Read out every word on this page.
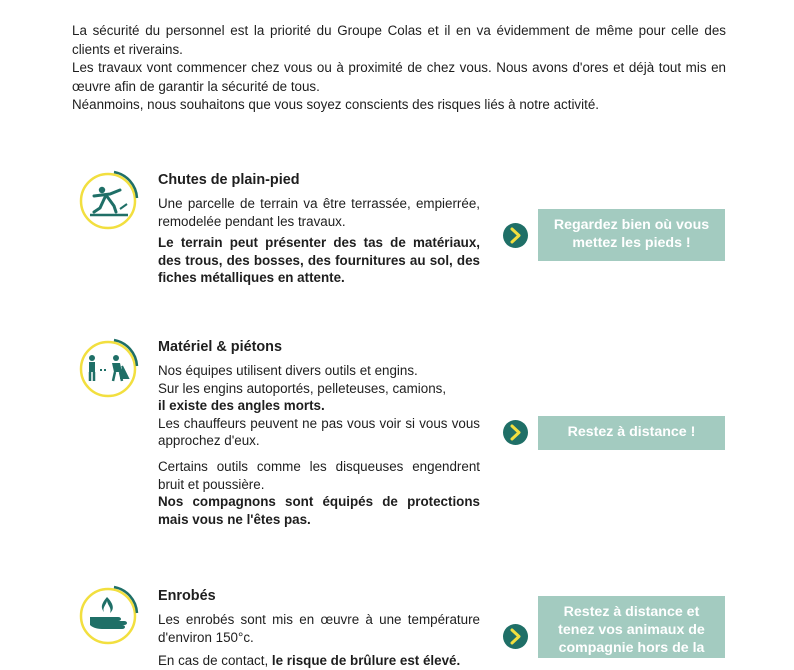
La sécurité du personnel est la priorité du Groupe Colas et il en va évidemment de même pour celle des clients et riverains.

Les travaux vont commencer chez vous ou à proximité de chez vous. Nous avons d'ores et déjà tout mis en œuvre afin de garantir la sécurité de tous.

Néanmoins, nous souhaitons que vous soyez conscients des risques liés à notre activité.

Chutes de plain-pied

Une parcelle de terrain va être terrassée, empierrée, remodelée pendant les travaux.

Le terrain peut présenter des tas de matériaux, des trous, des bosses, des fournitures au sol, des fiches métalliques en attente.

Regardez bien où vous mettez les pieds !
Matériel & piétons

Nos équipes utilisent divers outils et engins.

Sur les engins autoportés, pelleteuses, camions,

il existe des angles morts.

Les chauffeurs peuvent ne pas vous voir si vous vous approchez d'eux.

Certains outils comme les disqueuses engendrent bruit et poussière.

Nos compagnons sont équipés de protections mais vous ne l'êtes pas.

Restez à distance !
Enrobés

Les enrobés sont mis en œuvre à une température d'environ 150°c.

En cas de contact, le risque de brûlure est élevé.

Restez à distance et tenez vos animaux de compagnie hors de la
